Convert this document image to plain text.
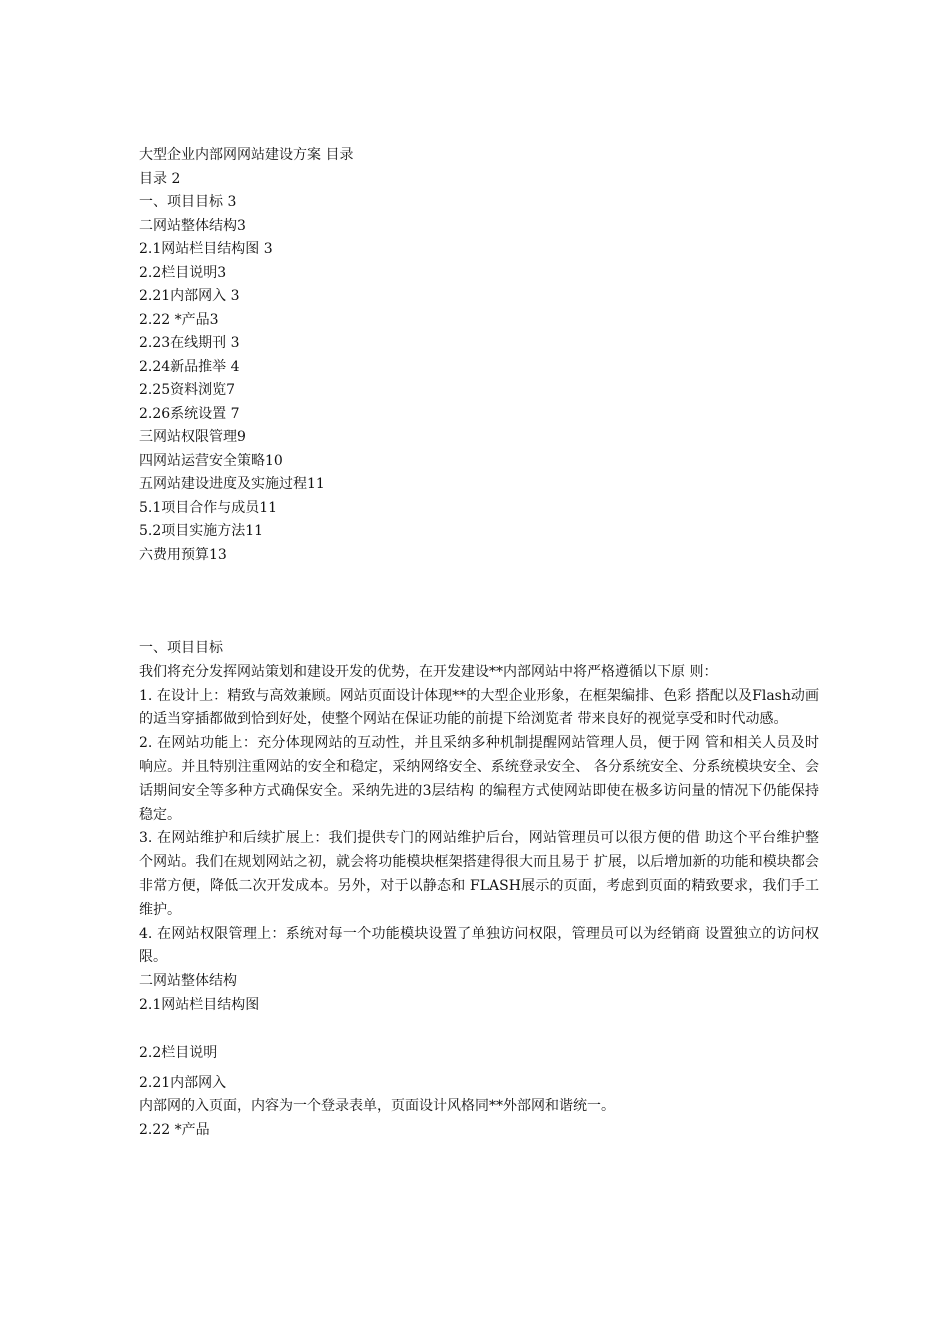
大型企业内部网网站建设方案 目录
目录 2
一、项目目标 3
二网站整体结构3
2.1网站栏目结构图 3
2.2栏目说明3
2.21内部网入 3
2.22 *产品3
2.23在线期刊 3
2.24新品推举 4
2.25资料浏览7
2.26系统设置 7
三网站权限管理9
四网站运营安全策略10
五网站建设进度及实施过程11
5.1项目合作与成员11
5.2项目实施方法11
六费用预算13
一、项目目标
我们将充分发挥网站策划和建设开发的优势，在开发建设**内部网站中将严格遵循以下原 则：
1. 在设计上：精致与高效兼顾。网站页面设计体现**的大型企业形象，在框架编排、色彩 搭配以及Flash动画的适当穿插都做到恰到好处，使整个网站在保证功能的前提下给浏览者 带来良好的视觉享受和时代动感。
2. 在网站功能上：充分体现网站的互动性，并且采纳多种机制提醒网站管理人员，便于网 管和相关人员及时响应。并且特别注重网站的安全和稳定，采纳网络安全、系统登录安全、 各分系统安全、分系统模块安全、会话期间安全等多种方式确保安全。采纳先进的3层结构 的编程方式使网站即使在极多访问量的情况下仍能保持稳定。
3. 在网站维护和后续扩展上：我们提供专门的网站维护后台，网站管理员可以很方便的借 助这个平台维护整个网站。我们在规划网站之初，就会将功能模块框架搭建得很大而且易于 扩展，以后增加新的功能和模块都会非常方便，降低二次开发成本。另外，对于以静态和 FLASH展示的页面，考虑到页面的精致要求，我们手工维护。
4. 在网站权限管理上：系统对每一个功能模块设置了单独访问权限，管理员可以为经销商 设置独立的访问权限。
二网站整体结构
2.1网站栏目结构图
2.2栏目说明
2.21内部网入
内部网的入页面，内容为一个登录表单，页面设计风格同**外部网和谐统一。
2.22 *产品
